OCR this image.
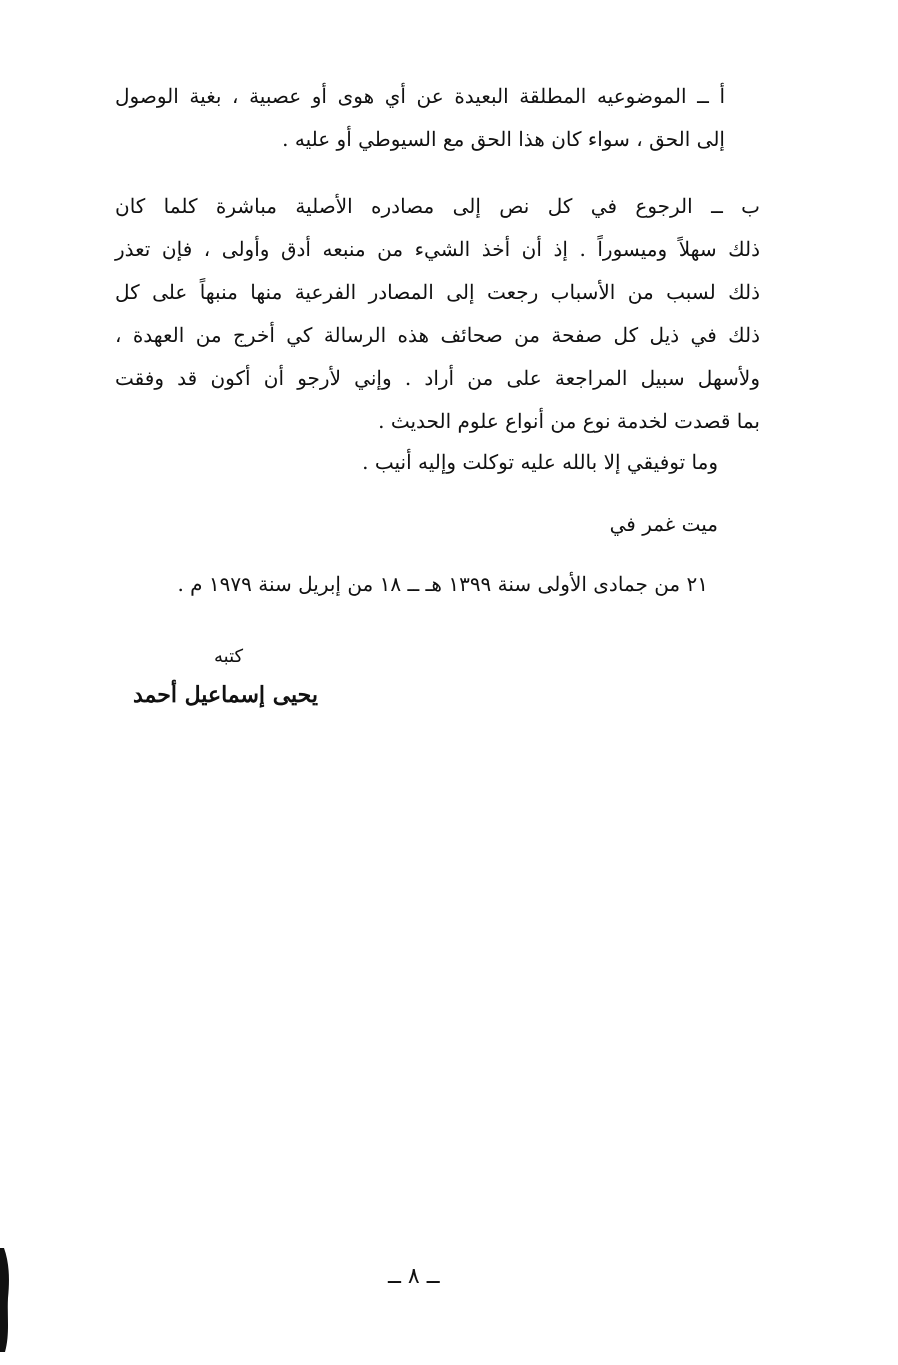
أ ــ الموضوعيه المطلقة البعيدة عن أي هوى أو عصبية ، بغية الوصول
إلى الحق ، سواء كان هذا الحق مع السيوطي أو عليه .
ب ــ الرجوع في كل نص إلى مصادره الأصلية مباشرة كلما كان
ذلك سهلاً وميسوراً . إذ أن أخذ الشيء من منبعه أدق وأولى ، فإن تعذر
ذلك لسبب من الأسباب رجعت إلى المصادر الفرعية منها منبهاً على كل
ذلك في ذيل كل صفحة من صحائف هذه الرسالة كي أخرج من العهدة ،
ولأسهل سبيل المراجعة على من أراد . وإني لأرجو أن أكون قد وفقت
بما قصدت لخدمة نوع من أنواع علوم الحديث .
وما توفيقي إلا بالله عليه توكلت وإليه أنيب .
ميت غمر في
٢١ من جمادى الأولى سنة ١٣٩٩ هـ ــ ١٨ من إبريل سنة ١٩٧٩ م .
كتبه
يحيى إسماعيل أحمد
ــ ٨ ــ
